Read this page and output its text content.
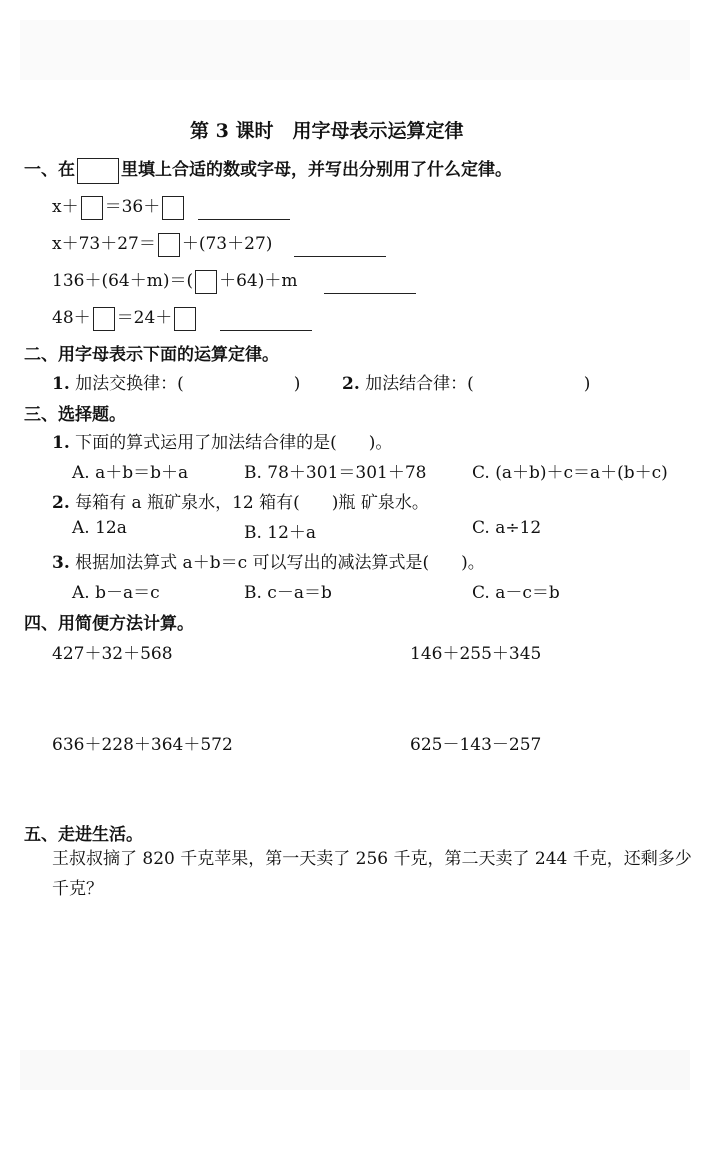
第 3 课时　用字母表示运算定律
一、在	里填上合适的数或字母，并写出分别用了什么定律。
x＋ ＝36＋
x＋73＋27＝ ＋(73＋27)
136＋(64＋m)＝( ＋64)＋m
48＋ ＝24＋
二、用字母表示下面的运算定律。
1. 加法交换律：(	) 2. 加法结合律：(	)
三、选择题。
1. 下面的算式运用了加法结合律的是( )。
A. a＋b＝b＋a	B. 78＋301＝301＋78	C. (a＋b)＋c＝a＋(b＋c)
2. 每箱有 a 瓶矿泉水，12 箱有( )瓶 矿泉水。
A. 12a	B. 12＋a	C. a÷12
3. 根据加法算式 a＋b＝c 可以写出的减法算式是( )。
A. b－a＝c	B. c－a＝b	C. a－c＝b
四、用简便方法计算。
427＋32＋568	146＋255＋345
636＋228＋364＋572	625－143－257
五、走进生活。
王叔叔摘了 820 千克苹果，第一天卖了 256 千克，第二天卖了 244 千克，还剩多少千克？
